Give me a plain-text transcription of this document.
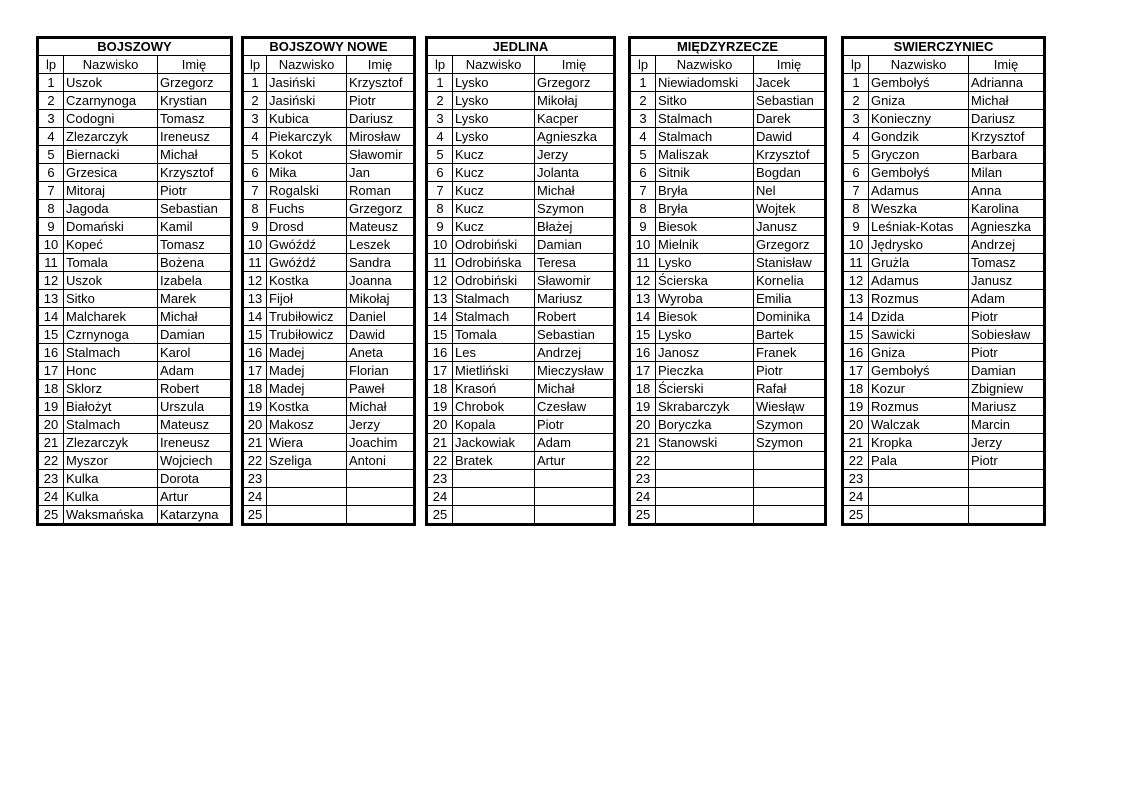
BOJSZOWY		
lp	Nazwisko	Imię
1	Uszok	Grzegorz
2	Czarnynoga	Krystian
3	Codogni	Tomasz
4	Zlezarczyk	Ireneusz
5	Biernacki	Michał
6	Grzesica	Krzysztof
7	Mitoraj	Piotr
8	Jagoda	Sebastian
9	Domański	Kamil
10	Kopeć	Tomasz
11	Tomala	Bożena
12	Uszok	Izabela
13	Sitko	Marek
14	Malcharek	Michał
15	Czrnynoga	Damian
16	Stalmach	Karol
17	Honc	Adam
18	Sklorz	Robert
19	Białożyt	Urszula
20	Stalmach	Mateusz
21	Zlezarczyk	Ireneusz
22	Myszor	Wojciech
23	Kulka	Dorota
24	Kulka	Artur
25	Waksmańska	Katarzyna
BOJSZOWY NOWE		
lp	Nazwisko	Imię
1	Jasiński	Krzysztof
2	Jasiński	Piotr
3	Kubica	Dariusz
4	Piekarczyk	Mirosław
5	Kokot	Sławomir
6	Mika	Jan
7	Rogalski	Roman
8	Fuchs	Grzegorz
9	Drosd	Mateusz
10	Gwóźdź	Leszek
11	Gwóźdź	Sandra
12	Kostka	Joanna
13	Fijoł	Mikołaj
14	Trubiłowicz	Daniel
15	Trubiłowicz	Dawid
16	Madej	Aneta
17	Madej	Florian
18	Madej	Paweł
19	Kostka	Michał
20	Makosz	Jerzy
21	Wiera	Joachim
22	Szeliga	Antoni
23		
24		
25		
JEDLINA		
lp	Nazwisko	Imię
1	Lysko	Grzegorz
2	Lysko	Mikołaj
3	Lysko	Kacper
4	Lysko	Agnieszka
5	Kucz	Jerzy
6	Kucz	Jolanta
7	Kucz	Michał
8	Kucz	Szymon
9	Kucz	Błażej
10	Odrobiński	Damian
11	Odrobińska	Teresa
12	Odrobiński	Sławomir
13	Stalmach	Mariusz
14	Stalmach	Robert
15	Tomala	Sebastian
16	Les	Andrzej
17	Mietliński	Mieczysław
18	Krasoń	Michał
19	Chrobok	Czesław
20	Kopala	Piotr
21	Jackowiak	Adam
22	Bratek	Artur
23		
24		
25		
MIĘDZYRZECZE		
lp	Nazwisko	Imię
1	Niewiadomski	Jacek
2	Sitko	Sebastian
3	Stalmach	Darek
4	Stalmach	Dawid
5	Maliszak	Krzysztof
6	Sitnik	Bogdan
7	Bryła	Nel
8	Bryła	Wojtek
9	Biesok	Janusz
10	Mielnik	Grzegorz
11	Lysko	Stanisław
12	Ścierska	Kornelia
13	Wyroba	Emilia
14	Biesok	Dominika
15	Lysko	Bartek
16	Janosz	Franek
17	Pieczka	Piotr
18	Ścierski	Rafał
19	Skrabarczyk	Wiesłąw
20	Boryczka	Szymon
21	Stanowski	Szymon
22		
23		
24		
25		
SWIERCZYNIEC		
lp	Nazwisko	Imię
1	Gembołyś	Adrianna
2	Gniza	Michał
3	Konieczny	Dariusz
4	Gondzik	Krzysztof
5	Gryczon	Barbara
6	Gembołyś	Milan
7	Adamus	Anna
8	Weszka	Karolina
9	Leśniak-Kotas	Agnieszka
10	Jędrysko	Andrzej
11	Grużla	Tomasz
12	Adamus	Janusz
13	Rozmus	Adam
14	Dzida	Piotr
15	Sawicki	Sobiesław
16	Gniza	Piotr
17	Gembołyś	Damian
18	Kozur	Zbigniew
19	Rozmus	Mariusz
20	Walczak	Marcin
21	Kropka	Jerzy
22	Pala	Piotr
23		
24		
25		
